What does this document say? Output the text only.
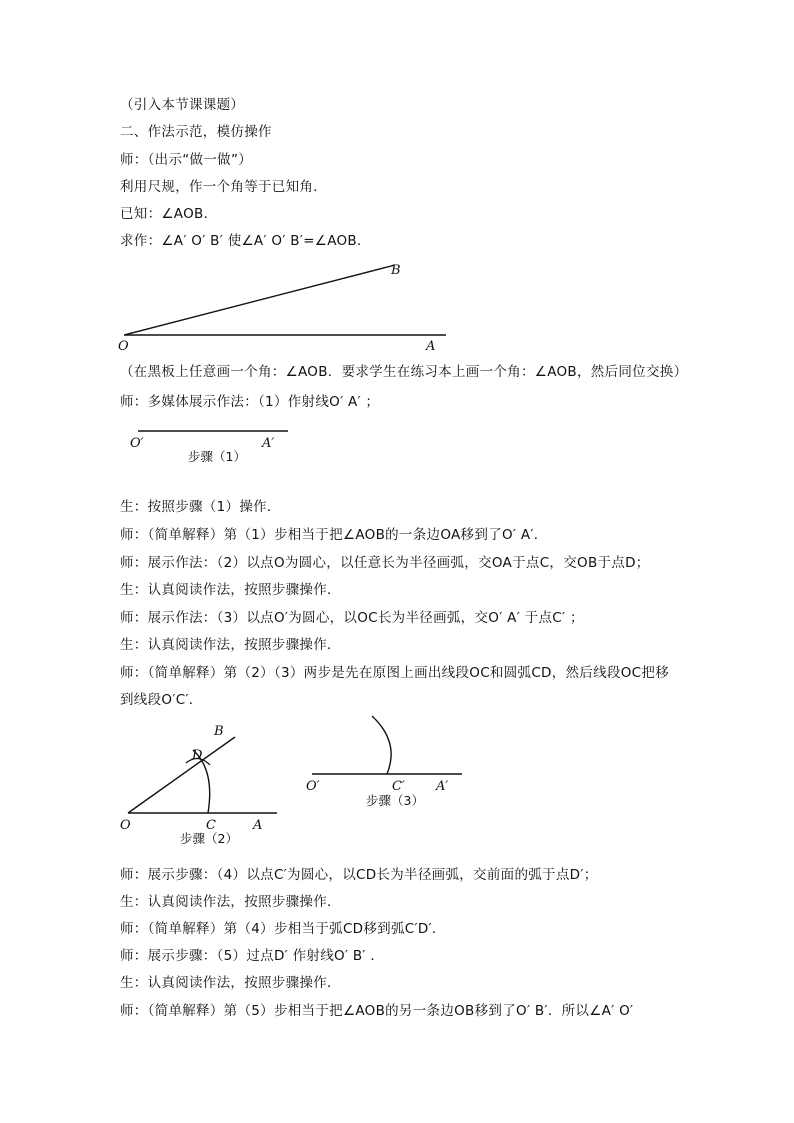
（引入本节课课题）
二、作法示范，模仿操作
师：（出示“做一做”）
利用尺规，作一个角等于已知角．
已知：∠AOB．
求作：∠A′ O′ B′ 使∠A′ O′ B′=∠AOB．
O	A
B
（在黑板上任意画一个角：∠AOB．要求学生在练习本上画一个角：∠AOB，然后同位交换）
师：多媒体展示作法：（1）作射线O′ A′ ；
O′	A′
步骤（1）
生：按照步骤（1）操作．
师：（简单解释）第（1）步相当于把∠AOB的一条边OA移到了O′ A′．
师：展示作法：（2）以点O为圆心，以任意长为半径画弧，交OA于点C，交OB于点D；
生：认真阅读作法，按照步骤操作．
师：展示作法：（3）以点O′为圆心，以OC长为半径画弧，交O′ A′ 于点C′ ；
生：认真阅读作法，按照步骤操作．
师：（简单解释）第（2）（3）两步是先在原图上画出线段OC和圆弧CD，然后线段OC把移
到线段O′C′．
O	A
B
C
D
步骤（2）
O′	A′
C′
步骤（3）
师：展示步骤：（4）以点C′为圆心，以CD长为半径画弧，交前面的弧于点D′；
生：认真阅读作法，按照步骤操作．
师：（简单解释）第（4）步相当于弧CD移到弧C′D′．
师：展示步骤：（5）过点D′ 作射线O′ B′ ．
生：认真阅读作法，按照步骤操作．
师：（简单解释）第（5）步相当于把∠AOB的另一条边OB移到了O′ B′．所以∠A′ O′
